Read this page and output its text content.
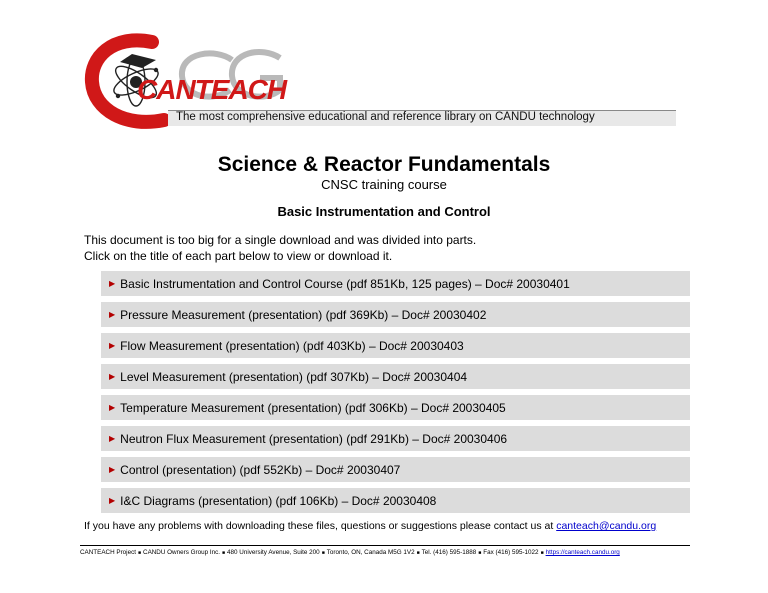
CANTEACH
The most comprehensive educational and reference library on CANDU technology
Science & Reactor Fundamentals
CNSC training course
Basic Instrumentation and Control
This document is too big for a single download and was divided into parts.
Click on the title of each part below to view or download it.
▶ Basic Instrumentation and Control Course (pdf 851Kb, 125 pages) – Doc# 20030401
▶ Pressure Measurement (presentation) (pdf 369Kb) – Doc# 20030402
▶ Flow Measurement (presentation) (pdf 403Kb) – Doc# 20030403
▶ Level Measurement (presentation) (pdf 307Kb) – Doc# 20030404
▶ Temperature Measurement (presentation) (pdf 306Kb) – Doc# 20030405
▶ Neutron Flux Measurement (presentation) (pdf 291Kb) – Doc# 20030406
▶ Control (presentation) (pdf 552Kb) – Doc# 20030407
▶ I&C Diagrams (presentation) (pdf 106Kb) – Doc# 20030408
If you have any problems with downloading these files, questions or suggestions please contact us at canteach@candu.org
CANTEACH Project ■ CANDU Owners Group Inc. ■ 480 University Avenue, Suite 200 ■ Toronto, ON, Canada M5G 1V2 ■ Tel. (416) 595-1888 ■ Fax (416) 595-1022 ■ https://canteach.candu.org
